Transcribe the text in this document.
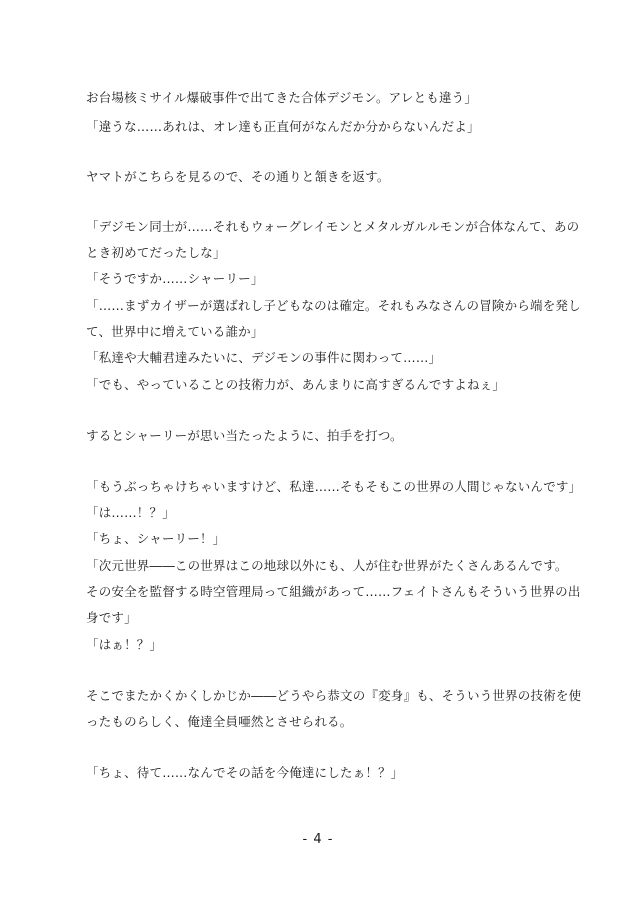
お台場核ミサイル爆破事件で出てきた合体デジモン。アレとも違う」
「違うな……あれは、オレ達も正直何がなんだか分からないんだよ」
ヤマトがこちらを見るので、その通りと頷きを返す。
「デジモン同士が……それもウォーグレイモンとメタルガルルモンが合体なんて、あの
とき初めてだったしな」
「そうですか……シャーリー」
「……まずカイザーが選ばれし子どもなのは確定。それもみなさんの冒険から端を発し
て、世界中に増えている誰か」
「私達や大輔君達みたいに、デジモンの事件に関わって……」
「でも、やっていることの技術力が、あんまりに高すぎるんですよねぇ」
するとシャーリーが思い当たったように、拍手を打つ。
「もうぶっちゃけちゃいますけど、私達……そもそもこの世界の人間じゃないんです」
「は……！？」
「ちょ、シャーリー！」
「次元世界――この世界はこの地球以外にも、人が住む世界がたくさんあるんです。
その安全を監督する時空管理局って組織があって……フェイトさんもそういう世界の出
身です」
「はぁ！？」
そこでまたかくかくしかじか――どうやら恭文の『変身』も、そういう世界の技術を使
ったものらしく、俺達全員唖然とさせられる。
「ちょ、待て……なんでその話を今俺達にしたぁ！？」
- 4 -
